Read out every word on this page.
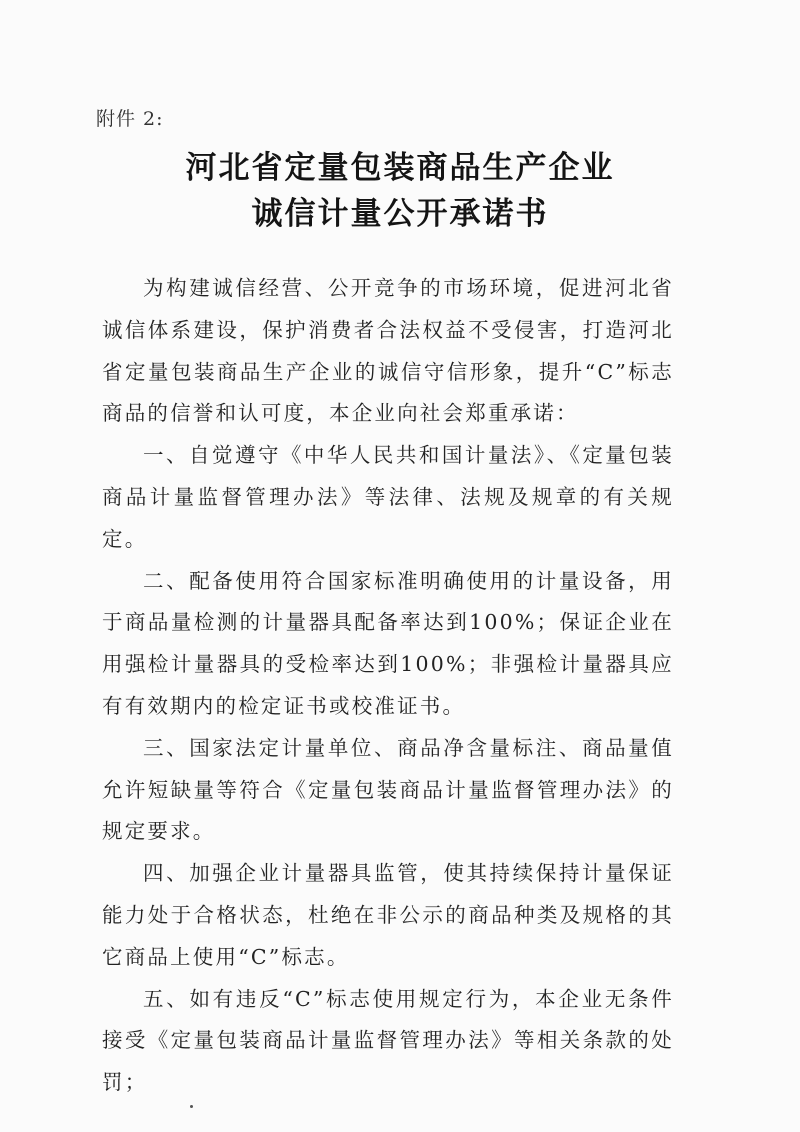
附件 2:

河北省定量包装商品生产企业
诚信计量公开承诺书

为构建诚信经营、公开竞争的市场环境，促进河北省诚信体系建设，保护消费者合法权益不受侵害，打造河北省定量包装商品生产企业的诚信守信形象，提升“C”标志商品的信誉和认可度，本企业向社会郑重承诺：

一、自觉遵守《中华人民共和国计量法》、《定量包装商品计量监督管理办法》等法律、法规及规章的有关规定。

二、配备使用符合国家标准明确使用的计量设备，用于商品量检测的计量器具配备率达到100%；保证企业在用强检计量器具的受检率达到100%；非强检计量器具应有有效期内的检定证书或校准证书。

三、国家法定计量单位、商品净含量标注、商品量值允许短缺量等符合《定量包装商品计量监督管理办法》的规定要求。

四、加强企业计量器具监管，使其持续保持计量保证能力处于合格状态，杜绝在非公示的商品种类及规格的其它商品上使用“C”标志。

五、如有违反“C”标志使用规定行为，本企业无条件接受《定量包装商品计量监督管理办法》等相关条款的处罚；
